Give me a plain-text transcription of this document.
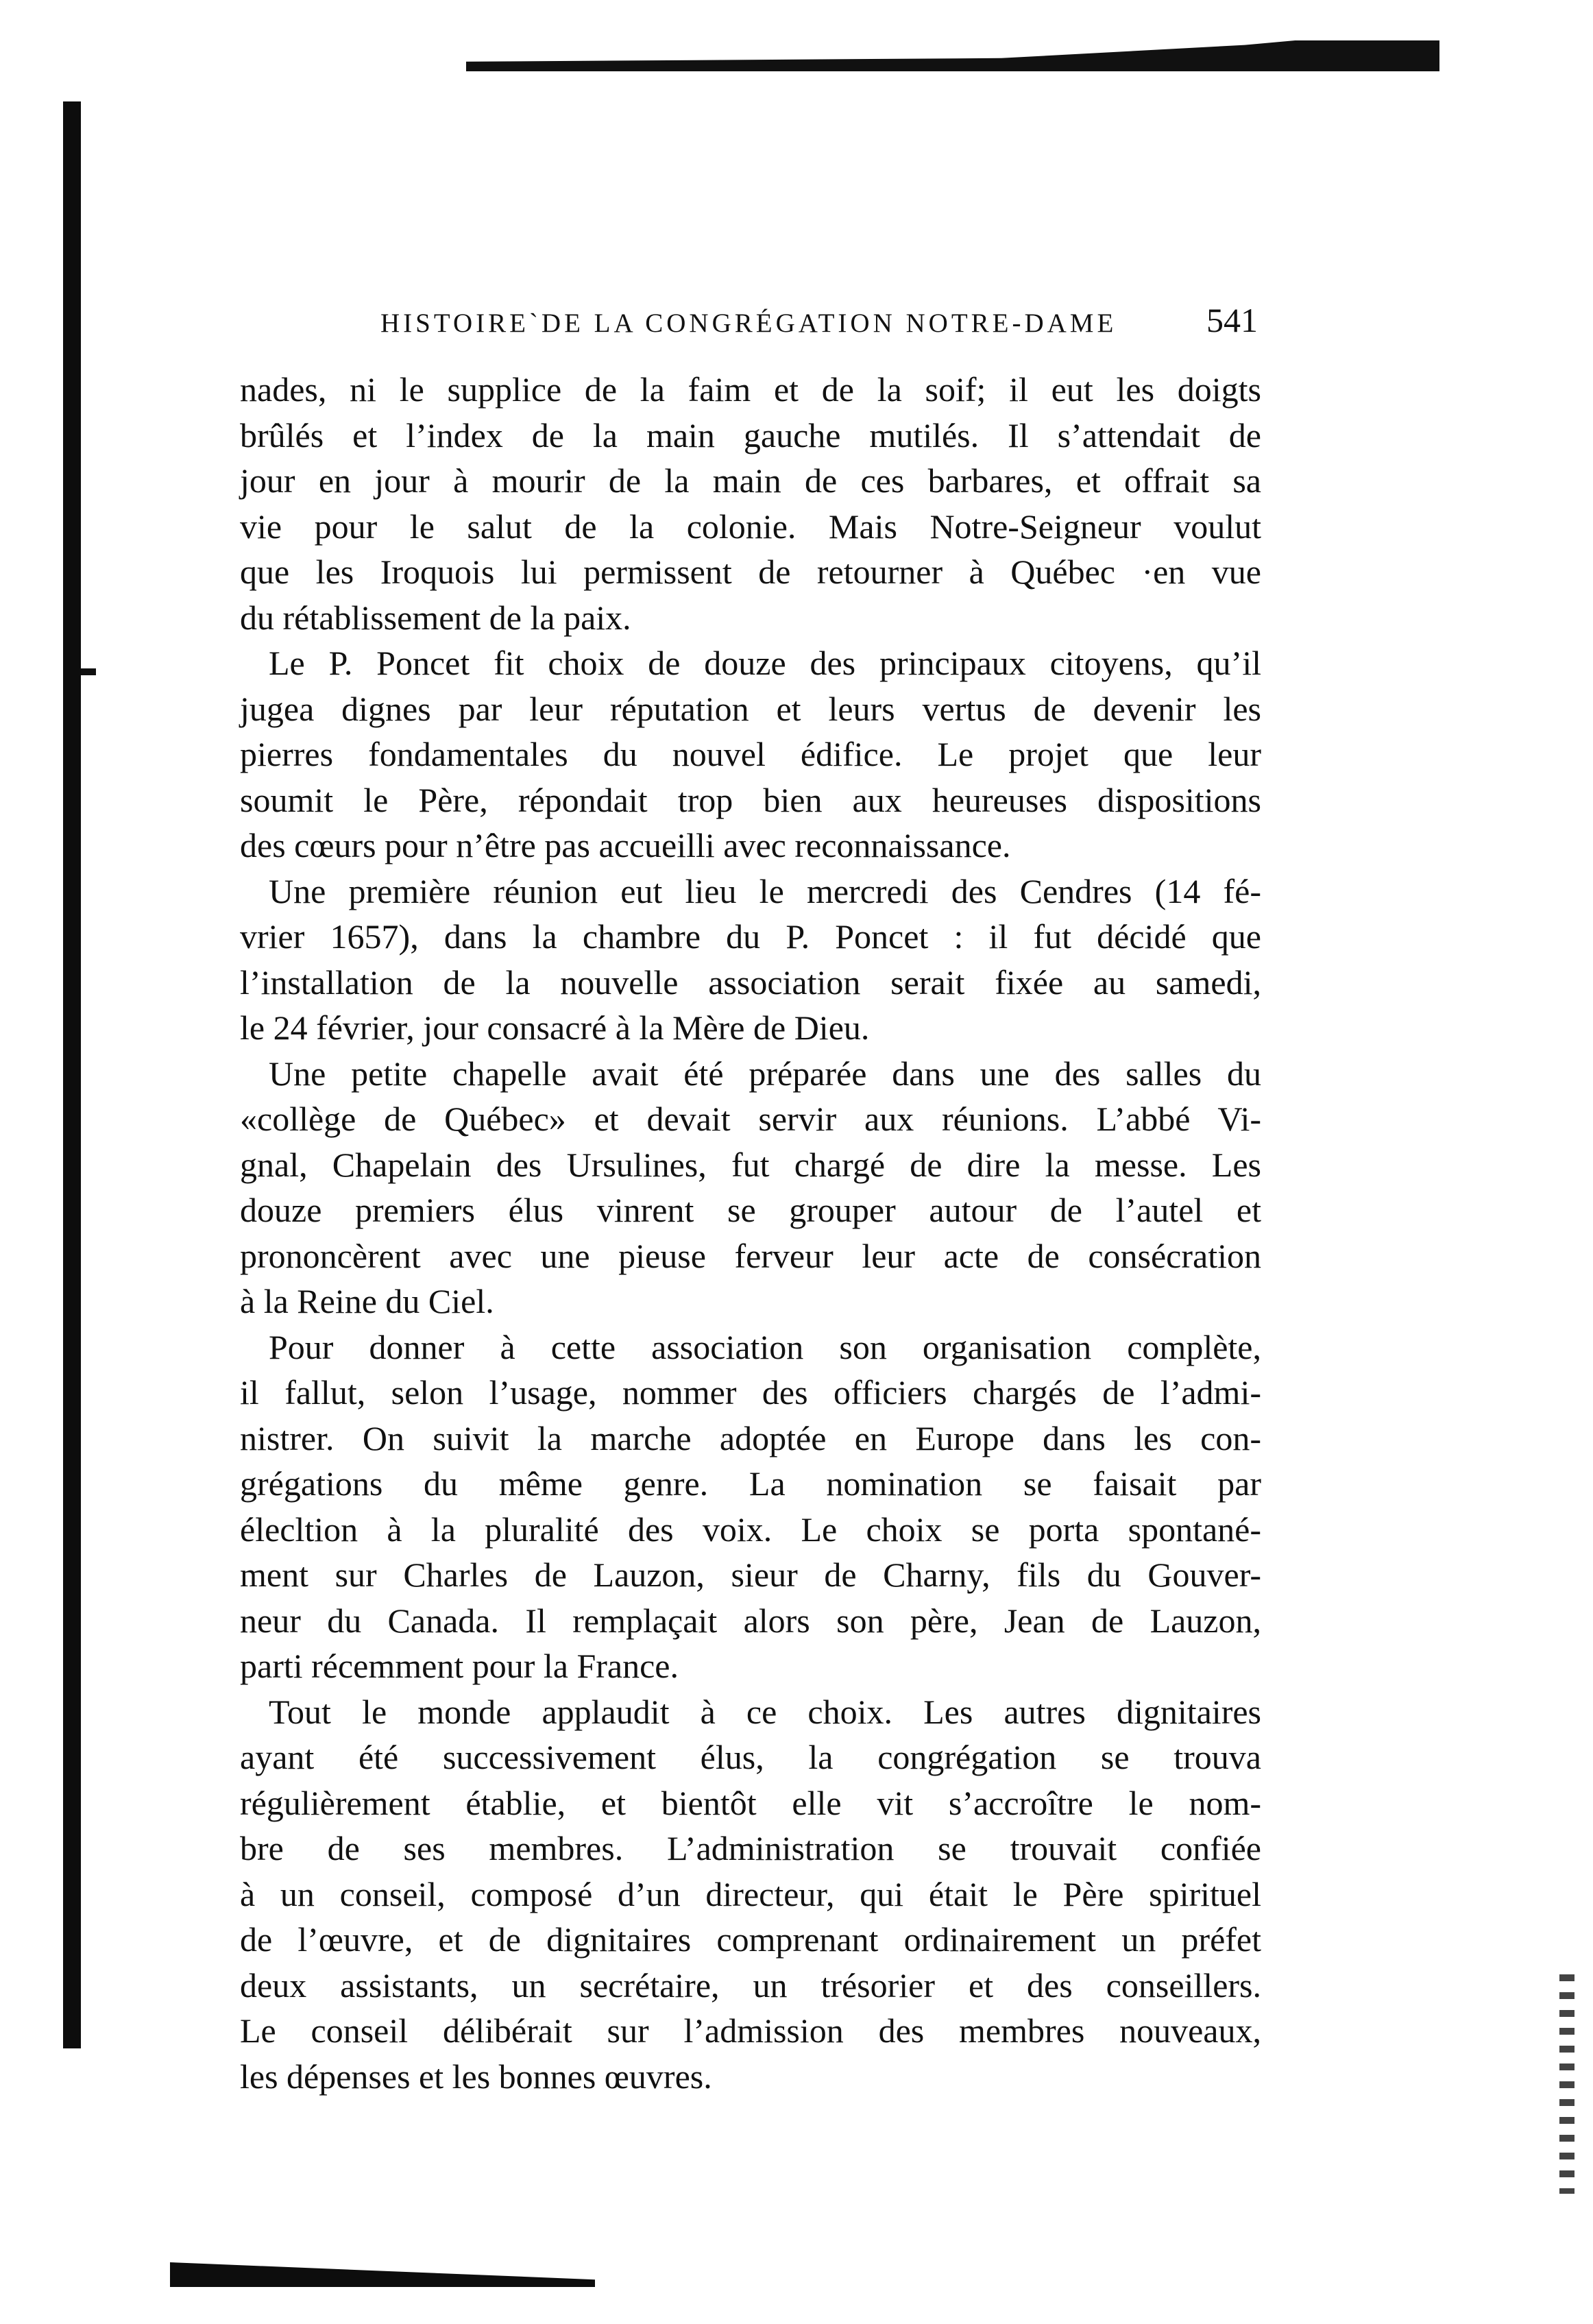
HISTOIRE`DE LA CONGRÉGATION NOTRE-DAME	541
nades, ni le supplice de la faim et de la soif; il eut les doigts
brûlés et l’index de la main gauche mutilés. Il s’attendait de
jour en jour à mourir de la main de ces barbares, et offrait sa
vie pour le salut de la colonie. Mais Notre-Seigneur voulut
que les Iroquois lui permissent de retourner à Québec ·en vue
du rétablissement de la paix.
Le P. Poncet fit choix de douze des principaux citoyens, qu’il
jugea dignes par leur réputation et leurs vertus de devenir les
pierres fondamentales du nouvel édifice. Le projet que leur
soumit le Père, répondait trop bien aux heureuses dispositions
des cœurs pour n’être pas accueilli avec reconnaissance.
Une première réunion eut lieu le mercredi des Cendres (14 fé-
vrier 1657), dans la chambre du P. Poncet : il fut décidé que
l’installation de la nouvelle association serait fixée au samedi,
le 24 février, jour consacré à la Mère de Dieu.
Une petite chapelle avait été préparée dans une des salles du
«collège de Québec» et devait servir aux réunions. L’abbé Vi-
gnal, Chapelain des Ursulines, fut chargé de dire la messe. Les
douze premiers élus vinrent se grouper autour de l’autel et
prononcèrent avec une pieuse ferveur leur acte de consécration
à la Reine du Ciel.
Pour donner à cette association son organisation complète,
il fallut, selon l’usage, nommer des officiers chargés de l’admi-
nistrer. On suivit la marche adoptée en Europe dans les con-
grégations du même genre. La nomination se faisait par
élecltion à la pluralité des voix. Le choix se porta spontané-
ment sur Charles de Lauzon, sieur de Charny, fils du Gouver-
neur du Canada. Il remplaçait alors son père, Jean de Lauzon,
parti récemment pour la France.
Tout le monde applaudit à ce choix. Les autres dignitaires
ayant été successivement élus, la congrégation se trouva
régulièrement établie, et bientôt elle vit s’accroître le nom-
bre de ses membres. L’administration se trouvait confiée
à un conseil, composé d’un directeur, qui était le Père spirituel
de l’œuvre, et de dignitaires comprenant ordinairement un préfet
deux assistants, un secrétaire, un trésorier et des conseillers.
Le conseil délibérait sur l’admission des membres nouveaux,
les dépenses et les bonnes œuvres.
